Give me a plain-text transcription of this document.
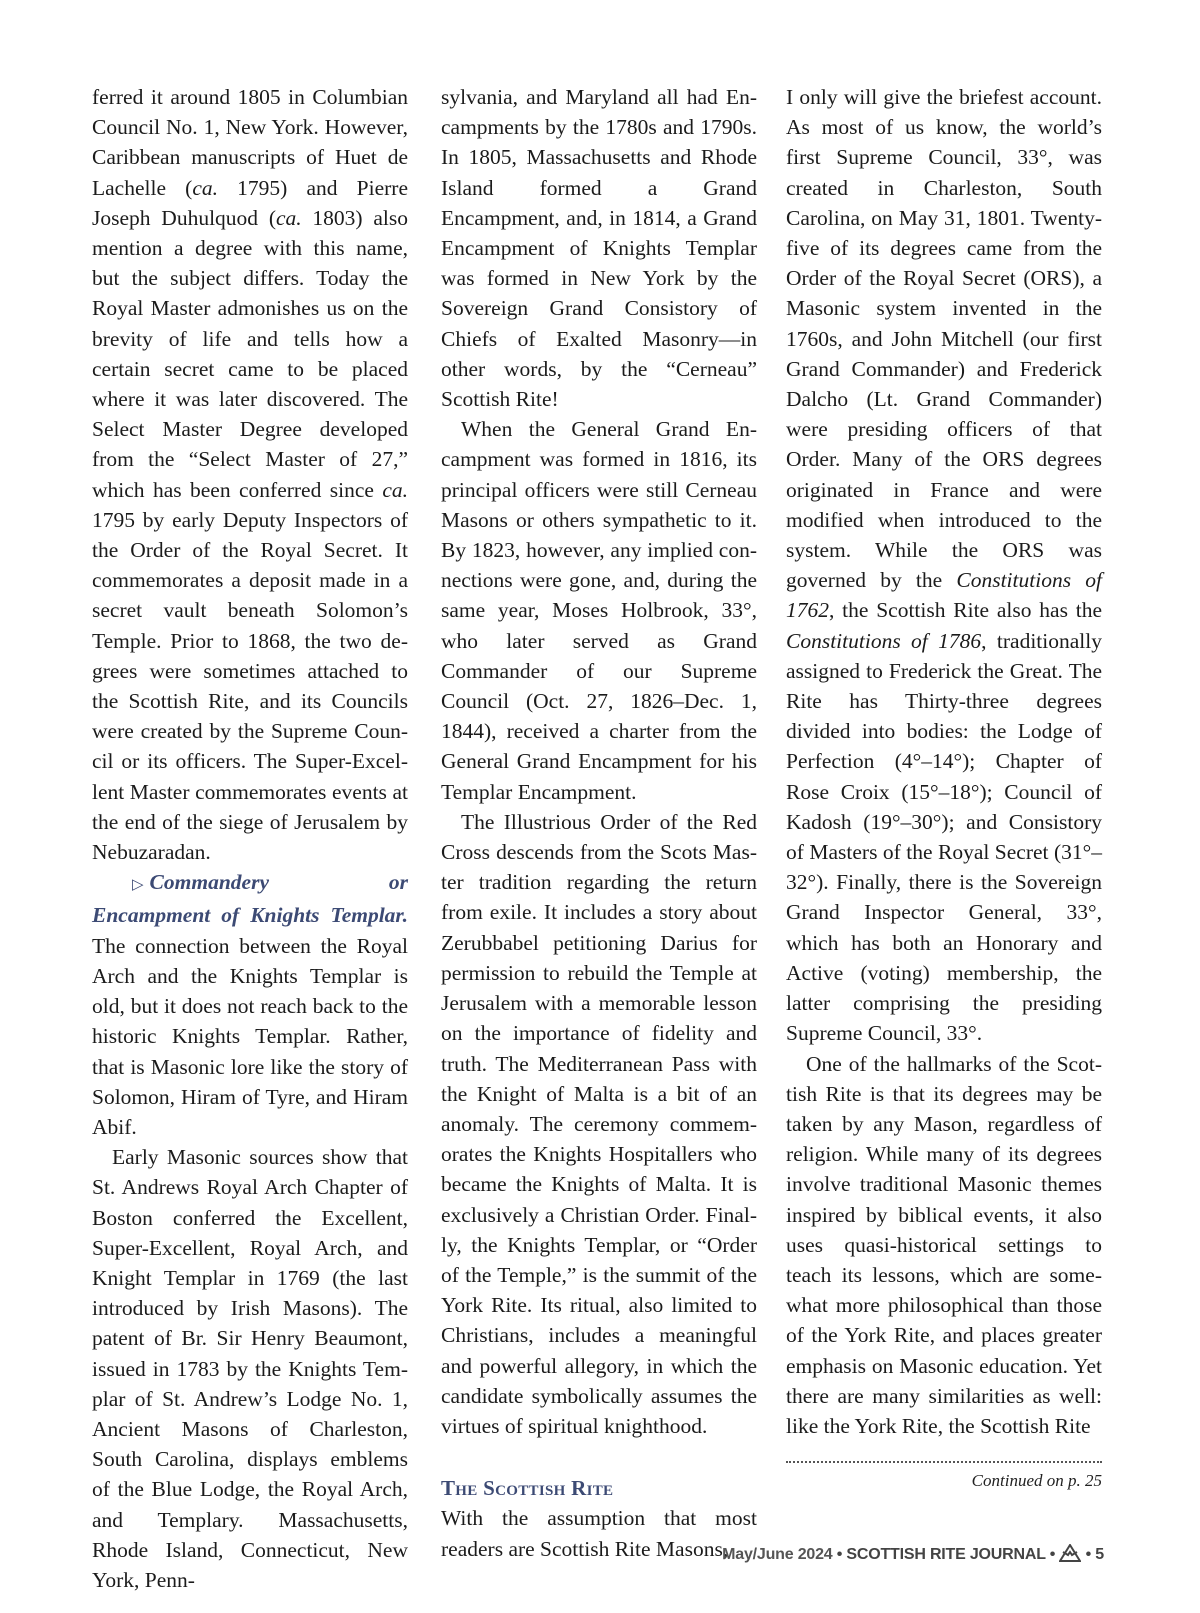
ferred it around 1805 in Columbian Council No. 1, New York. However, Caribbean manuscripts of Huet de Lachelle (ca. 1795) and Pierre Joseph Duhulquod (ca. 1803) also mention a degree with this name, but the subject differs. Today the Royal Master admonishes us on the brevity of life and tells how a certain secret came to be placed where it was later discovered. The Select Master Degree developed from the “Select Master of 27,” which has been conferred since ca. 1795 by early Deputy Inspectors of the Order of the Royal Secret. It commemorates a deposit made in a secret vault beneath Solomon’s Temple. Prior to 1868, the two degrees were sometimes attached to the Scottish Rite, and its Councils were created by the Supreme Council or its officers. The Super-Excellent Master commemorates events at the end of the siege of Jerusalem by Nebuzaradan.

▷ Commandery or Encampment of Knights Templar. The connection between the Royal Arch and the Knights Templar is old, but it does not reach back to the historic Knights Templar. Rather, that is Masonic lore like the story of Solomon, Hiram of Tyre, and Hiram Abif.

Early Masonic sources show that St. Andrews Royal Arch Chapter of Boston conferred the Excellent, Super-Excellent, Royal Arch, and Knight Templar in 1769 (the last introduced by Irish Masons). The patent of Br. Sir Henry Beaumont, issued in 1783 by the Knights Templar of St. Andrew’s Lodge No. 1, Ancient Masons of Charleston, South Carolina, displays emblems of the Blue Lodge, the Royal Arch, and Templary. Massachusetts, Rhode Island, Connecticut, New York, Penn-

sylvania, and Maryland all had Encampments by the 1780s and 1790s. In 1805, Massachusetts and Rhode Island formed a Grand Encampment, and, in 1814, a Grand Encampment of Knights Templar was formed in New York by the Sovereign Grand Consistory of Chiefs of Exalted Masonry—in other words, by the “Cerneau” Scottish Rite!

When the General Grand Encampment was formed in 1816, its principal officers were still Cerneau Masons or others sympathetic to it. By 1823, however, any implied connections were gone, and, during the same year, Moses Holbrook, 33°, who later served as Grand Commander of our Supreme Council (Oct. 27, 1826–Dec. 1, 1844), received a charter from the General Grand Encampment for his Templar Encampment.

The Illustrious Order of the Red Cross descends from the Scots Master tradition regarding the return from exile. It includes a story about Zerubbabel petitioning Darius for permission to rebuild the Temple at Jerusalem with a memorable lesson on the importance of fidelity and truth. The Mediterranean Pass with the Knight of Malta is a bit of an anomaly. The ceremony commemorates the Knights Hospitallers who became the Knights of Malta. It is exclusively a Christian Order. Finally, the Knights Templar, or “Order of the Temple,” is the summit of the York Rite. Its ritual, also limited to Christians, includes a meaningful and powerful allegory, in which the candidate symbolically assumes the virtues of spiritual knighthood.

The Scottish Rite

With the assumption that most readers are Scottish Rite Masons,

I only will give the briefest account. As most of us know, the world’s first Supreme Council, 33°, was created in Charleston, South Carolina, on May 31, 1801. Twenty-five of its degrees came from the Order of the Royal Secret (ORS), a Masonic system invented in the 1760s, and John Mitchell (our first Grand Commander) and Frederick Dalcho (Lt. Grand Commander) were presiding officers of that Order. Many of the ORS degrees originated in France and were modified when introduced to the system. While the ORS was governed by the Constitutions of 1762, the Scottish Rite also has the Constitutions of 1786, traditionally assigned to Frederick the Great. The Rite has Thirty-three degrees divided into bodies: the Lodge of Perfection (4°–14°); Chapter of Rose Croix (15°–18°); Council of Kadosh (19°–30°); and Consistory of Masters of the Royal Secret (31°–32°). Finally, there is the Sovereign Grand Inspector General, 33°, which has both an Honorary and Active (voting) membership, the latter comprising the presiding Supreme Council, 33°.

One of the hallmarks of the Scottish Rite is that its degrees may be taken by any Mason, regardless of religion. While many of its degrees involve traditional Masonic themes inspired by biblical events, it also uses quasi-historical settings to teach its lessons, which are somewhat more philosophical than those of the York Rite, and places greater emphasis on Masonic education. Yet there are many similarities as well: like the York Rite, the Scottish Rite

Continued on p. 25
May/June 2024 • SCOTTISH RITE JOURNAL • • 5
